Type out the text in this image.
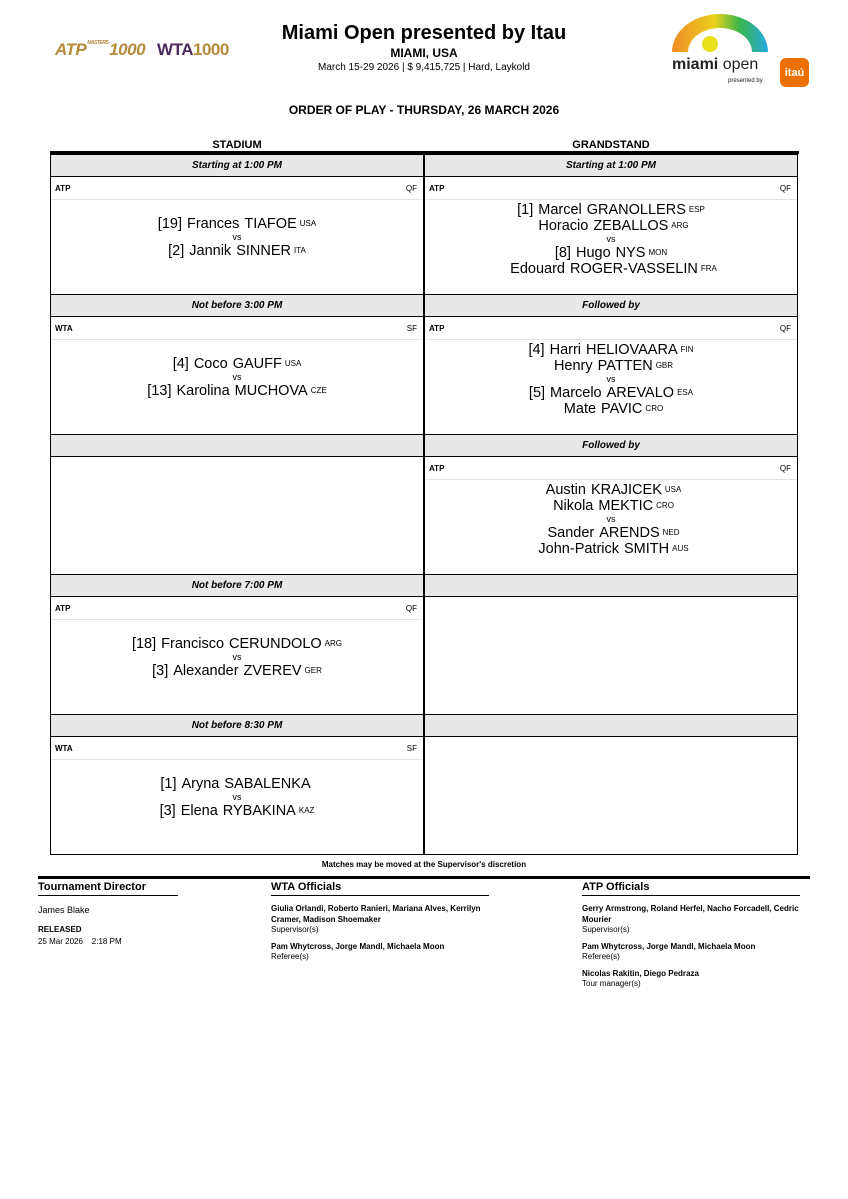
$ATP^{MASTERS}1000$ WTA1000
Miami Open presented by Itau
MIAMI, USA
March 15-29 2026 | $ 9,415,725 | Hard, Laykold	miami open
presented by
itaú
ORDER OF PLAY - THURSDAY, 26 MARCH 2026
STADIUM	GRANDSTAND
Starting at 1:00 PM
ATP	QF
[19] Frances TIAFOE USA
vs
[2] Jannik SINNER ITA
Not before 3:00 PM
WTA	SF
[4] Coco GAUFF USA
vs
[13] Karolina MUCHOVA CZE
Not before 7:00 PM
ATP	QF
[18] Francisco CERUNDOLO ARG
vs
[3] Alexander ZVEREV GER
Not before 8:30 PM
WTA	SF
[1] Aryna SABALENKA
vs
[3] Elena RYBAKINA KAZ
Starting at 1:00 PM
ATP	QF
[1] Marcel GRANOLLERS ESP
Horacio ZEBALLOS ARG
vs
[8] Hugo NYS MON
Edouard ROGER-VASSELIN FRA
Followed by
ATP	QF
[4] Harri HELIOVAARA FIN
Henry PATTEN GBR
vs
[5] Marcelo AREVALO ESA
Mate PAVIC CRO
Followed by
ATP	QF
Austin KRAJICEK USA
Nikola MEKTIC CRO
vs
Sander ARENDS NED
John-Patrick SMITH AUS
Matches may be moved at the Supervisor's discretion
Tournament Director
James Blake
RELEASED
25 Mar 2026    2:18 PM
WTA Officials
Giulia Orlandi, Roberto Ranieri, Mariana Alves, Kerrilyn Cramer, Madison Shoemaker
Supervisor(s)
Pam Whytcross, Jorge Mandl, Michaela Moon
Referee(s)
ATP Officials
Gerry Armstrong, Roland Herfel, Nacho Forcadell, Cedric Mourier
Supervisor(s)
Pam Whytcross, Jorge Mandl, Michaela Moon
Referee(s)
Nicolas Rakitin, Diego Pedraza
Tour manager(s)
